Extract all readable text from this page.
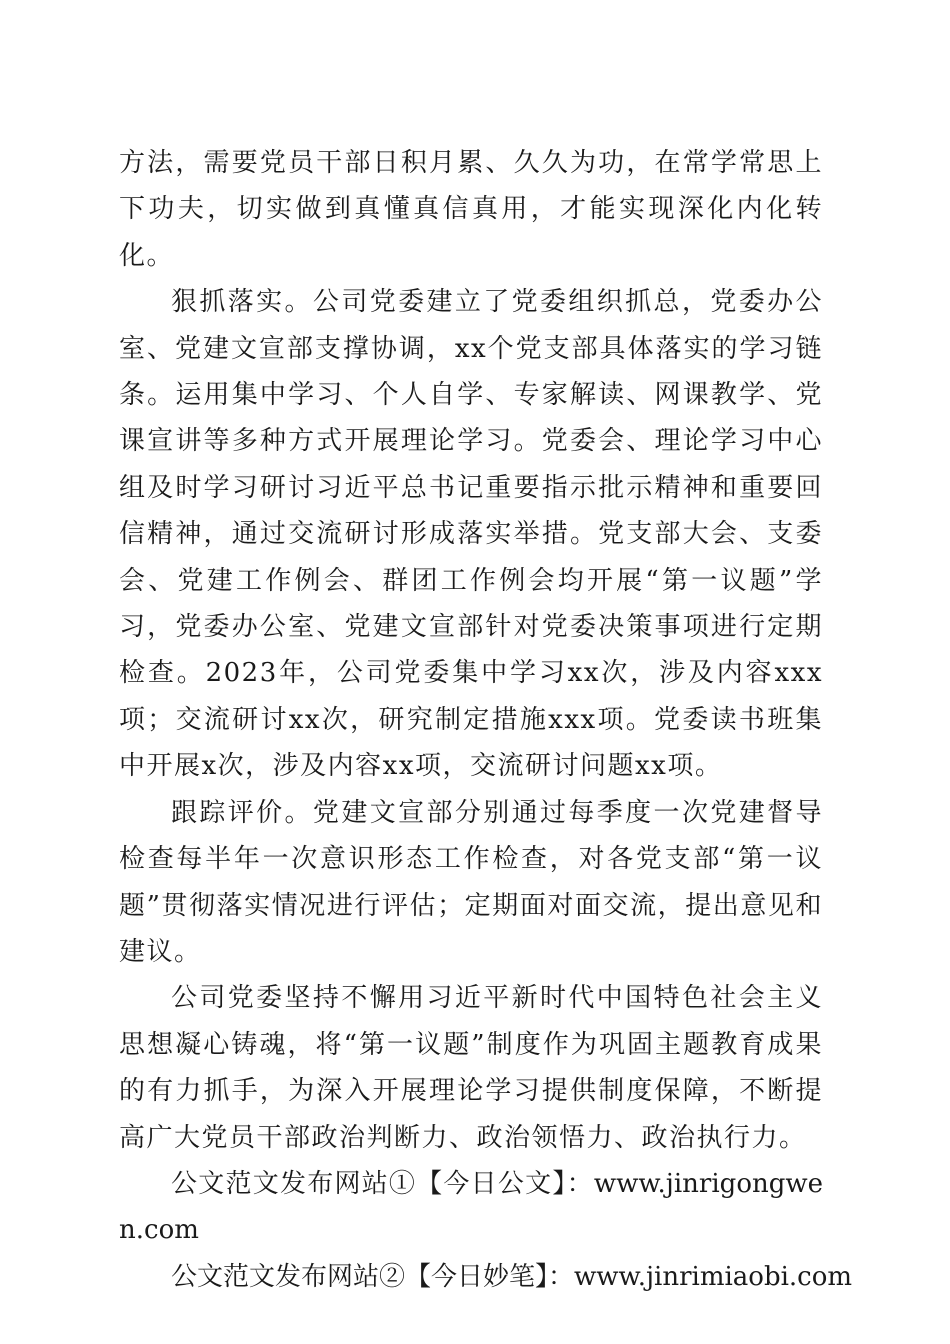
方法，需要党员干部日积月累、久久为功，在常学常思上下功夫，切实做到真懂真信真用，才能实现深化内化转化。

狠抓落实。公司党委建立了党委组织抓总，党委办公室、党建文宣部支撑协调，xx个党支部具体落实的学习链条。运用集中学习、个人自学、专家解读、网课教学、党课宣讲等多种方式开展理论学习。党委会、理论学习中心组及时学习研讨习近平总书记重要指示批示精神和重要回信精神，通过交流研讨形成落实举措。党支部大会、支委会、党建工作例会、群团工作例会均开展“第一议题”学习，党委办公室、党建文宣部针对党委决策事项进行定期检查。2023年，公司党委集中学习xx次，涉及内容xxx项；交流研讨xx次，研究制定措施xxx项。党委读书班集中开展x次，涉及内容xx项，交流研讨问题xx项。

跟踪评价。党建文宣部分别通过每季度一次党建督导检查每半年一次意识形态工作检查，对各党支部“第一议题”贯彻落实情况进行评估；定期面对面交流，提出意见和建议。

公司党委坚持不懈用习近平新时代中国特色社会主义思想凝心铸魂，将“第一议题”制度作为巩固主题教育成果的有力抓手，为深入开展理论学习提供制度保障，不断提高广大党员干部政治判断力、政治领悟力、政治执行力。

公文范文发布网站①【今日公文】：www.jinrigongwen.com

公文范文发布网站②【今日妙笔】：www.jinrimiaobi.com
